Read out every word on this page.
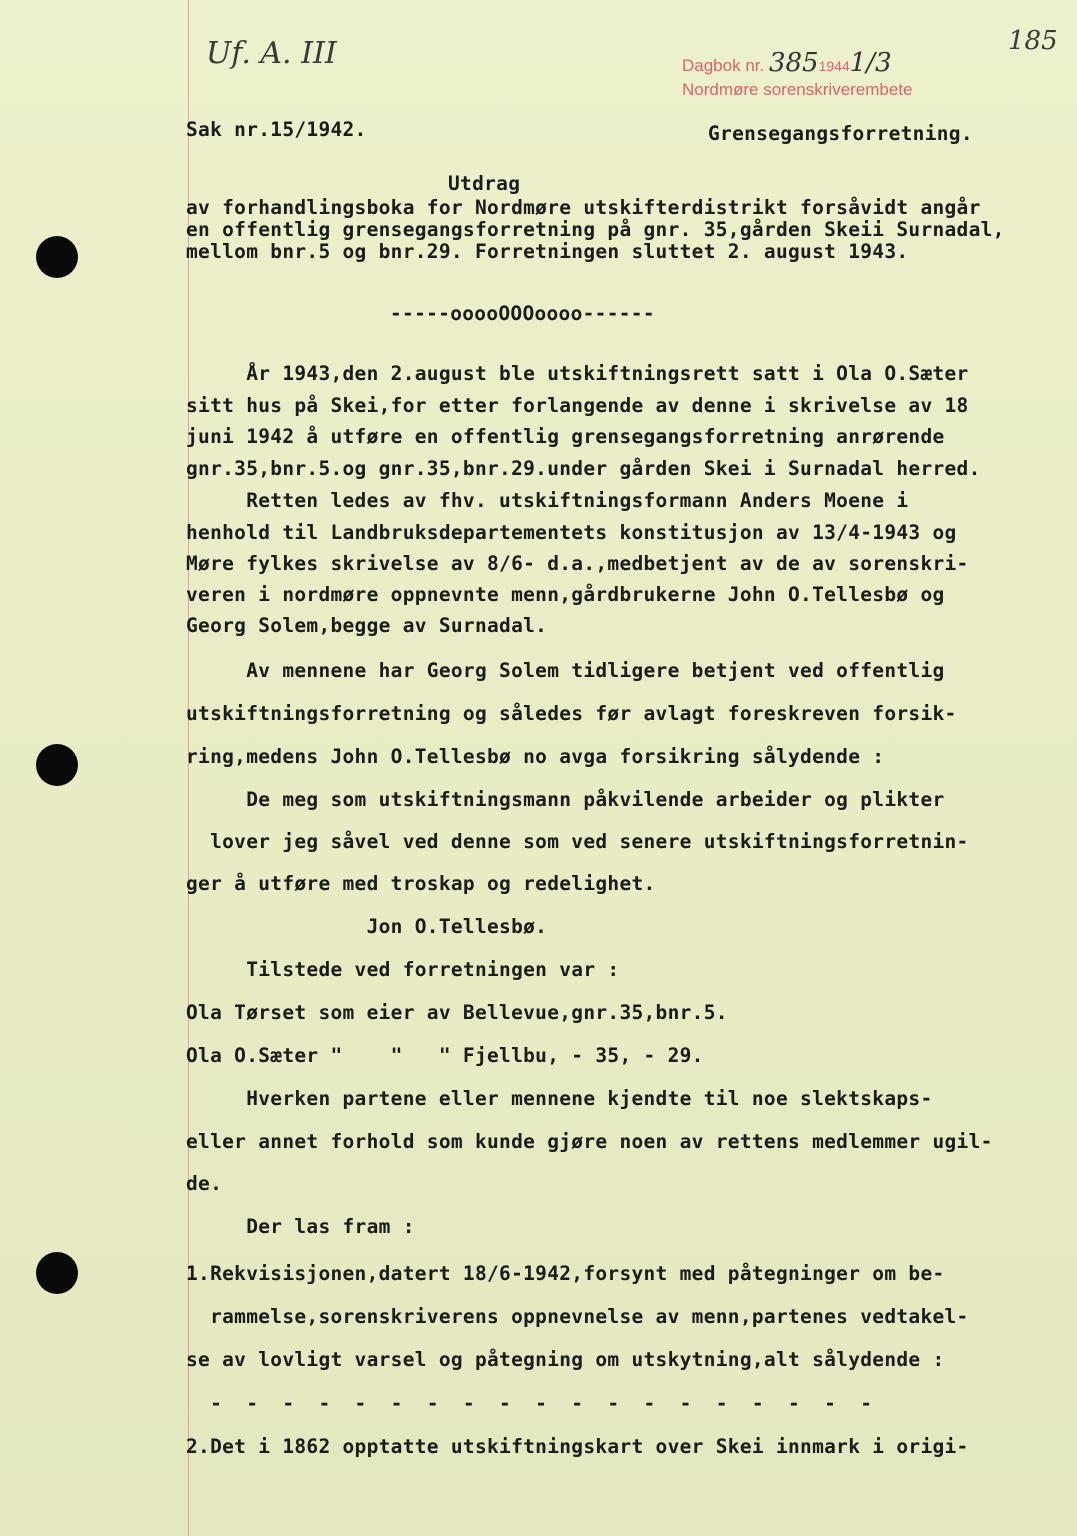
Uf. A. III	185
Dagbok nr. 38519441/3
Nordmøre sorenskriverembete
Sak nr.15/1942.	Grensegangsforretning.
Utdrag
av forhandlingsboka for Nordmøre utskifterdistrikt forsåvidt angår
en offentlig grensegangsforretning på gnr. 35,gården Skeii Surnadal,
mellom bnr.5 og bnr.29. Forretningen sluttet 2. august 1943.
-----ooooOOOoooo------
År 1943,den 2.august ble utskiftningsrett satt i Ola O.Sæter
sitt hus på Skei,for etter forlangende av denne i skrivelse av 18
juni 1942 å utføre en offentlig grensegangsforretning anrørende
gnr.35,bnr.5.og gnr.35,bnr.29.under gården Skei i Surnadal herred.
Retten ledes av fhv. utskiftningsformann Anders Moene i
henhold til Landbruksdepartementets konstitusjon av 13/4-1943 og
Møre fylkes skrivelse av 8/6- d.a.,medbetjent av de av sorenskri-
veren i nordmøre oppnevnte menn,gårdbrukerne John O.Tellesbø og
Georg Solem,begge av Surnadal.
Av mennene har Georg Solem tidligere betjent ved offentlig
utskiftningsforretning og således før avlagt foreskreven forsik-
ring,medens John O.Tellesbø no avga forsikring sålydende :
De meg som utskiftningsmann påkvilende arbeider og plikter
lover jeg såvel ved denne som ved senere utskiftningsforretnin-
ger å utføre med troskap og redelighet.
Jon O.Tellesbø.
Tilstede ved forretningen var :
Ola Tørset som eier av Bellevue,gnr.35,bnr.5.
Ola O.Sæter "    "   " Fjellbu, - 35, - 29.
Hverken partene eller mennene kjendte til noe slektskaps-
eller annet forhold som kunde gjøre noen av rettens medlemmer ugil-
de.
Der las fram :
1.Rekvisisjonen,datert 18/6-1942,forsynt med påtegninger om be-
rammelse,sorenskriverens oppnevnelse av menn,partenes vedtakel-
se av lovligt varsel og påtegning om utskytning,alt sålydende :
-  -  -  -  -  -  -  -  -  -  -  -  -  -  -  -  -  -  -
2.Det i 1862 opptatte utskiftningskart over Skei innmark i origi-
